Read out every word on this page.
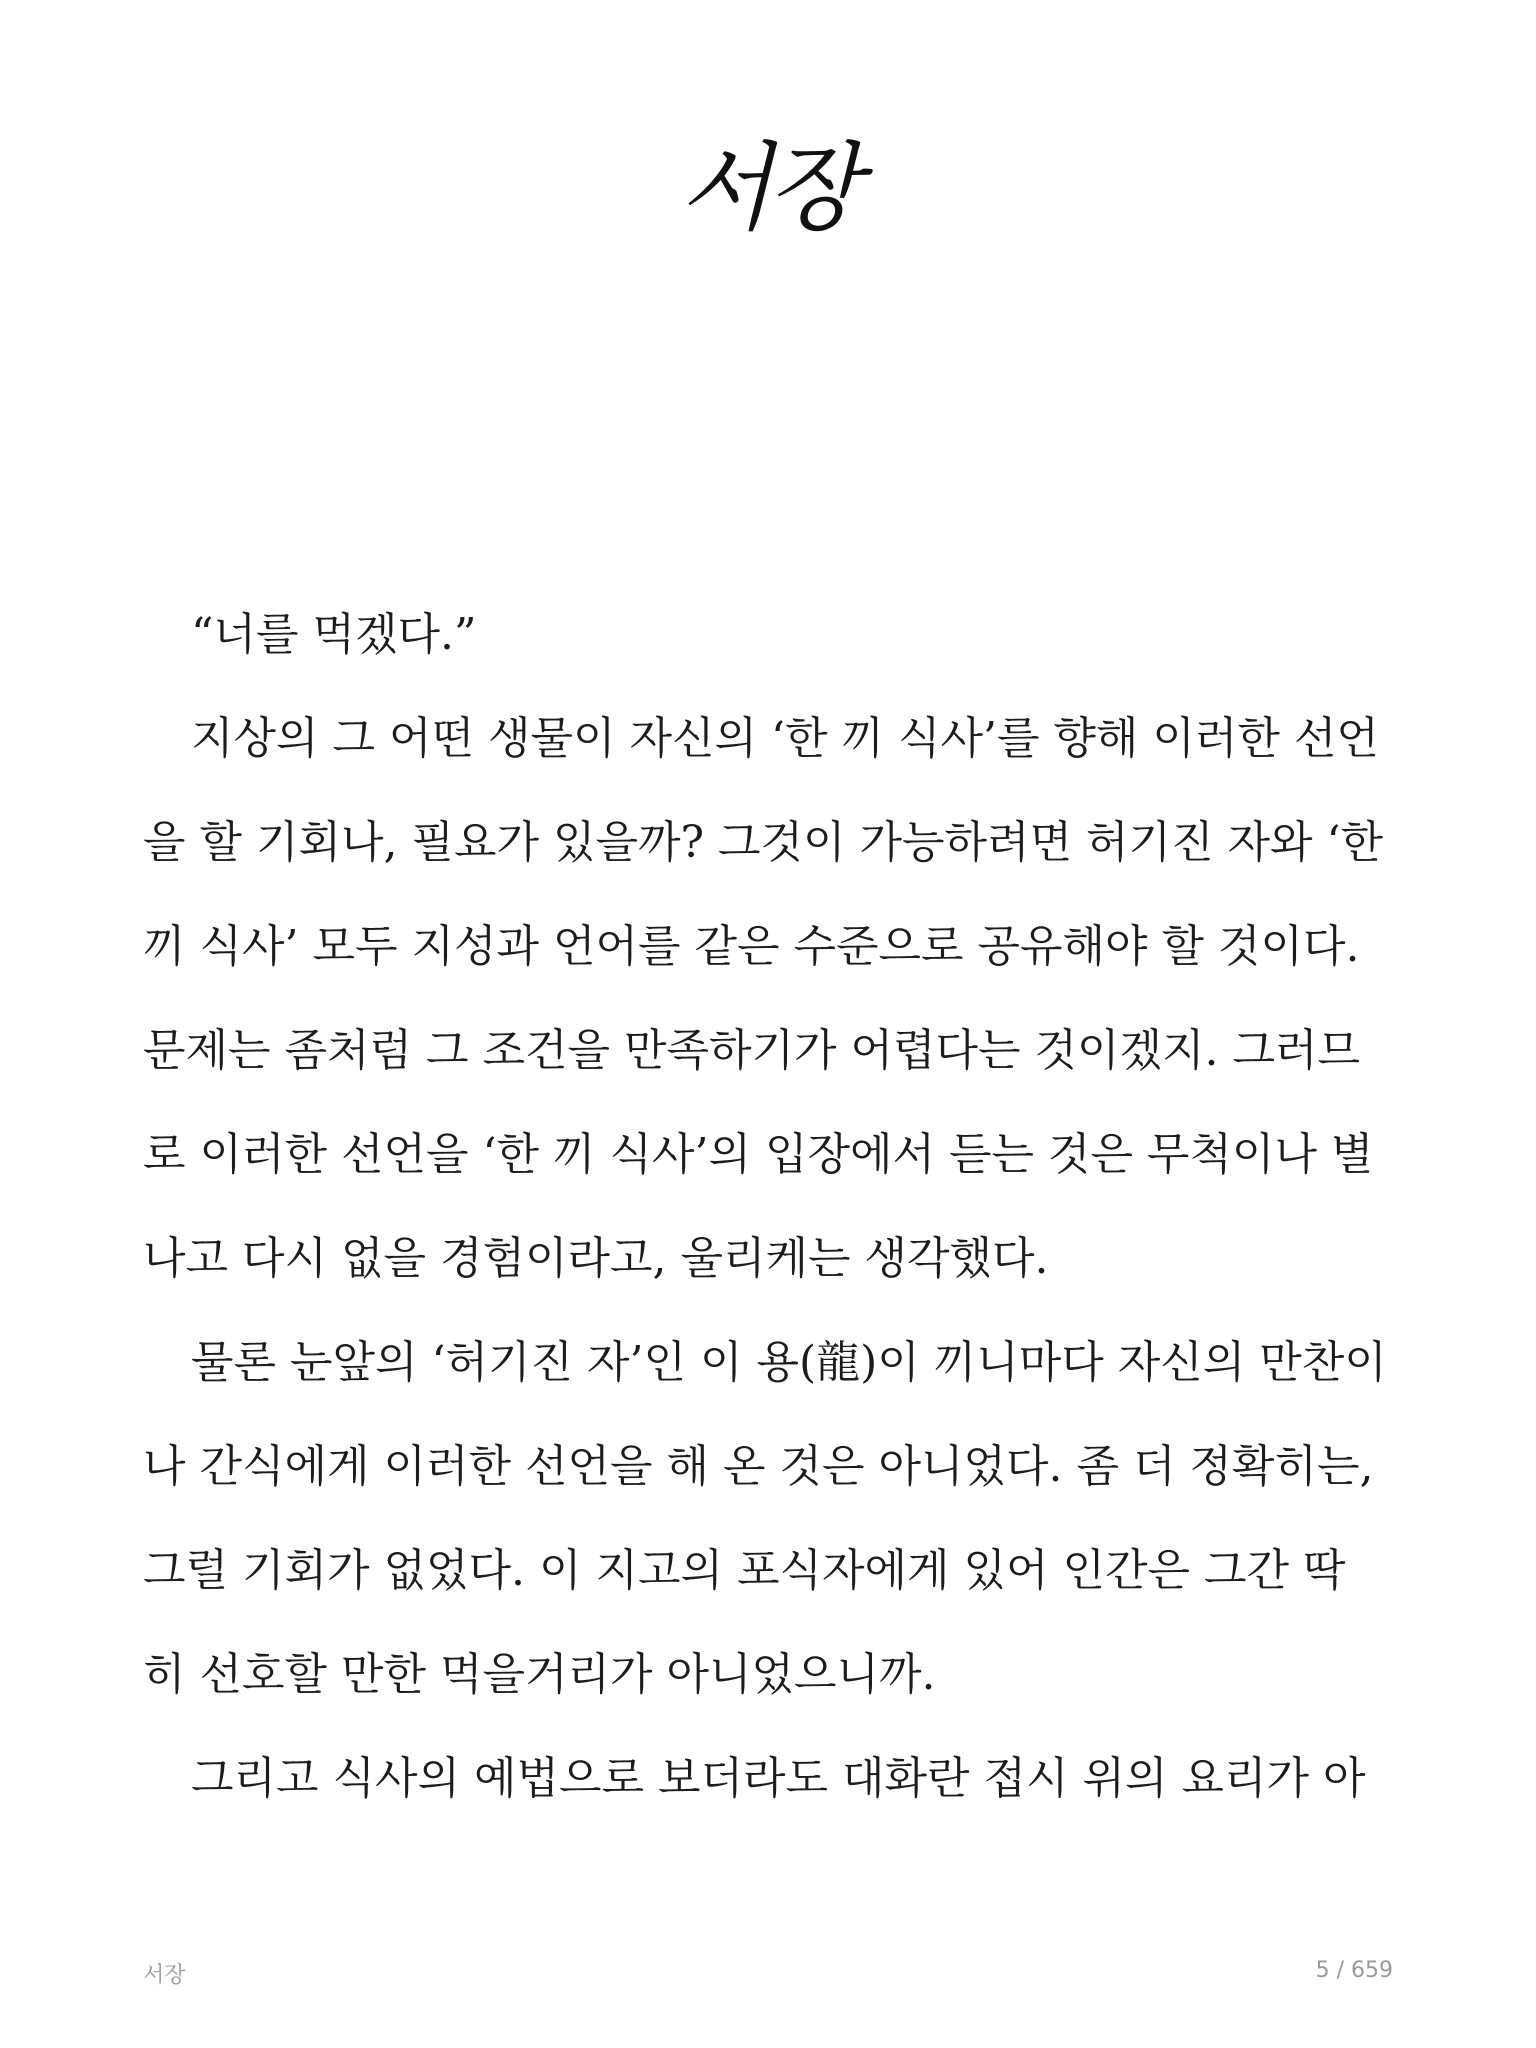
서장
“너를 먹겠다.”
지상의 그 어떤 생물이 자신의 ‘한 끼 식사’를 향해 이러한 선언
을 할 기회나, 필요가 있을까? 그것이 가능하려면 허기진 자와 ‘한
끼 식사’ 모두 지성과 언어를 같은 수준으로 공유해야 할 것이다.
문제는 좀처럼 그 조건을 만족하기가 어렵다는 것이겠지. 그러므
로 이러한 선언을 ‘한 끼 식사’의 입장에서 듣는 것은 무척이나 별
나고 다시 없을 경험이라고, 울리케는 생각했다.
물론 눈앞의 ‘허기진 자’인 이 용(龍)이 끼니마다 자신의 만찬이
나 간식에게 이러한 선언을 해 온 것은 아니었다. 좀 더 정확히는,
그럴 기회가 없었다. 이 지고의 포식자에게 있어 인간은 그간 딱
히 선호할 만한 먹을거리가 아니었으니까.
그리고 식사의 예법으로 보더라도 대화란 접시 위의 요리가 아
서장	5 / 659
